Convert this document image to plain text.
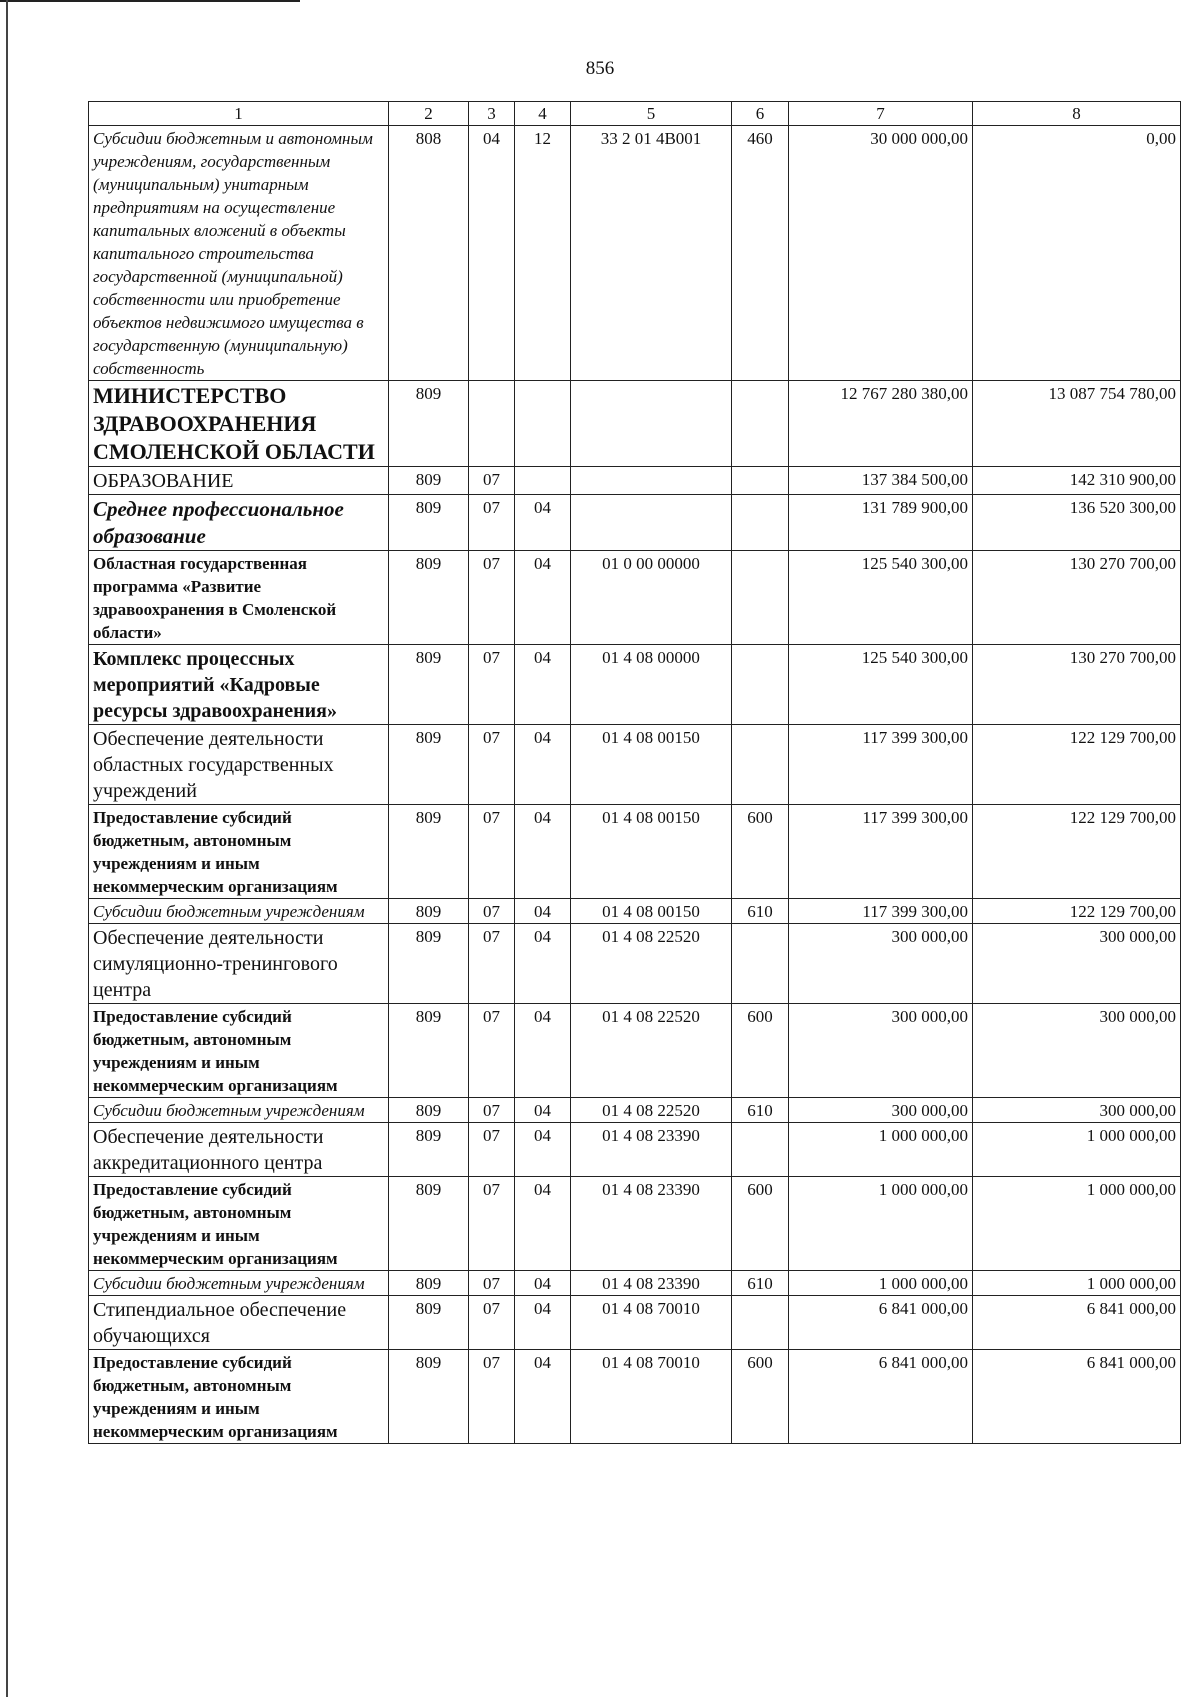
856
1	2	3	4	5	6	7	8
Субсидии бюджетным и автономным учреждениям, государственным (муниципальным) унитарным предприятиям на осуществление капитальных вложений в объекты капитального строительства государственной (муниципальной) собственности или приобретение объектов недвижимого имущества в государственную (муниципальную) собственность	808	04	12	33 2 01 4В001	460	30 000 000,00	0,00
МИНИСТЕРСТВО ЗДРАВООХРАНЕНИЯ СМОЛЕНСКОЙ ОБЛАСТИ	809					12 767 280 380,00	13 087 754 780,00
ОБРАЗОВАНИЕ	809	07				137 384 500,00	142 310 900,00
Среднее профессиональное образование	809	07	04			131 789 900,00	136 520 300,00
Областная государственная программа «Развитие здравоохранения в Смоленской области»	809	07	04	01 0 00 00000		125 540 300,00	130 270 700,00
Комплекс процессных мероприятий «Кадровые ресурсы здравоохранения»	809	07	04	01 4 08 00000		125 540 300,00	130 270 700,00
Обеспечение деятельности областных государственных учреждений	809	07	04	01 4 08 00150		117 399 300,00	122 129 700,00
Предоставление субсидий бюджетным, автономным учреждениям и иным некоммерческим организациям	809	07	04	01 4 08 00150	600	117 399 300,00	122 129 700,00
Субсидии бюджетным учреждениям	809	07	04	01 4 08 00150	610	117 399 300,00	122 129 700,00
Обеспечение деятельности симуляционно-тренингового центра	809	07	04	01 4 08 22520		300 000,00	300 000,00
Предоставление субсидий бюджетным, автономным учреждениям и иным некоммерческим организациям	809	07	04	01 4 08 22520	600	300 000,00	300 000,00
Субсидии бюджетным учреждениям	809	07	04	01 4 08 22520	610	300 000,00	300 000,00
Обеспечение деятельности аккредитационного центра	809	07	04	01 4 08 23390		1 000 000,00	1 000 000,00
Предоставление субсидий бюджетным, автономным учреждениям и иным некоммерческим организациям	809	07	04	01 4 08 23390	600	1 000 000,00	1 000 000,00
Субсидии бюджетным учреждениям	809	07	04	01 4 08 23390	610	1 000 000,00	1 000 000,00
Стипендиальное обеспечение обучающихся	809	07	04	01 4 08 70010		6 841 000,00	6 841 000,00
Предоставление субсидий бюджетным, автономным учреждениям и иным некоммерческим организациям	809	07	04	01 4 08 70010	600	6 841 000,00	6 841 000,00
